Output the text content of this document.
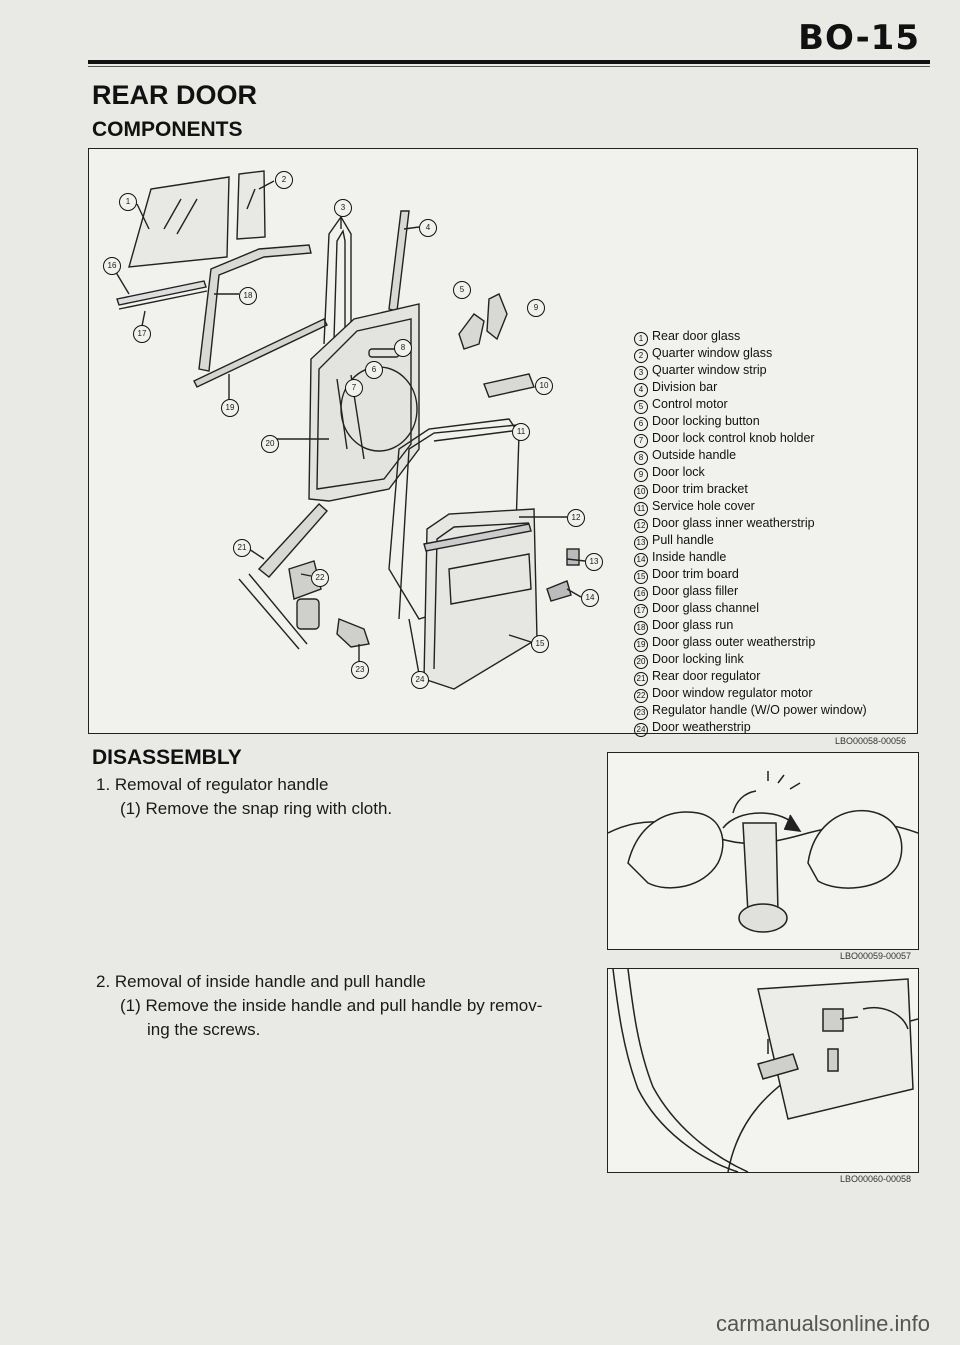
BO-15
REAR DOOR
COMPONENTS
1
2
3
4
5
6
7
8
9
10
11
12
13
14
15
16
17
18
19
20
21
22
23
24
1 Rear door glass
2 Quarter window glass
3 Quarter window strip
4 Division bar
5 Control motor
6 Door locking button
7 Door lock control knob holder
8 Outside handle
9 Door lock
10 Door trim bracket
11 Service hole cover
12 Door glass inner weatherstrip
13 Pull handle
14 Inside handle
15 Door trim board
16 Door glass filler
17 Door glass channel
18 Door glass run
19 Door glass outer weatherstrip
20 Door locking link
21 Rear door regulator
22 Door window regulator motor
23 Regulator handle (W/O power window)
24 Door weatherstrip
LBO00058-00056
DISASSEMBLY
1. Removal of regulator handle
(1) Remove the snap ring with cloth.
LBO00059-00057
2. Removal of inside handle and pull handle
(1) Remove the inside handle and pull handle by remov-
ing the screws.
LBO00060-00058
carmanualsonline.info
